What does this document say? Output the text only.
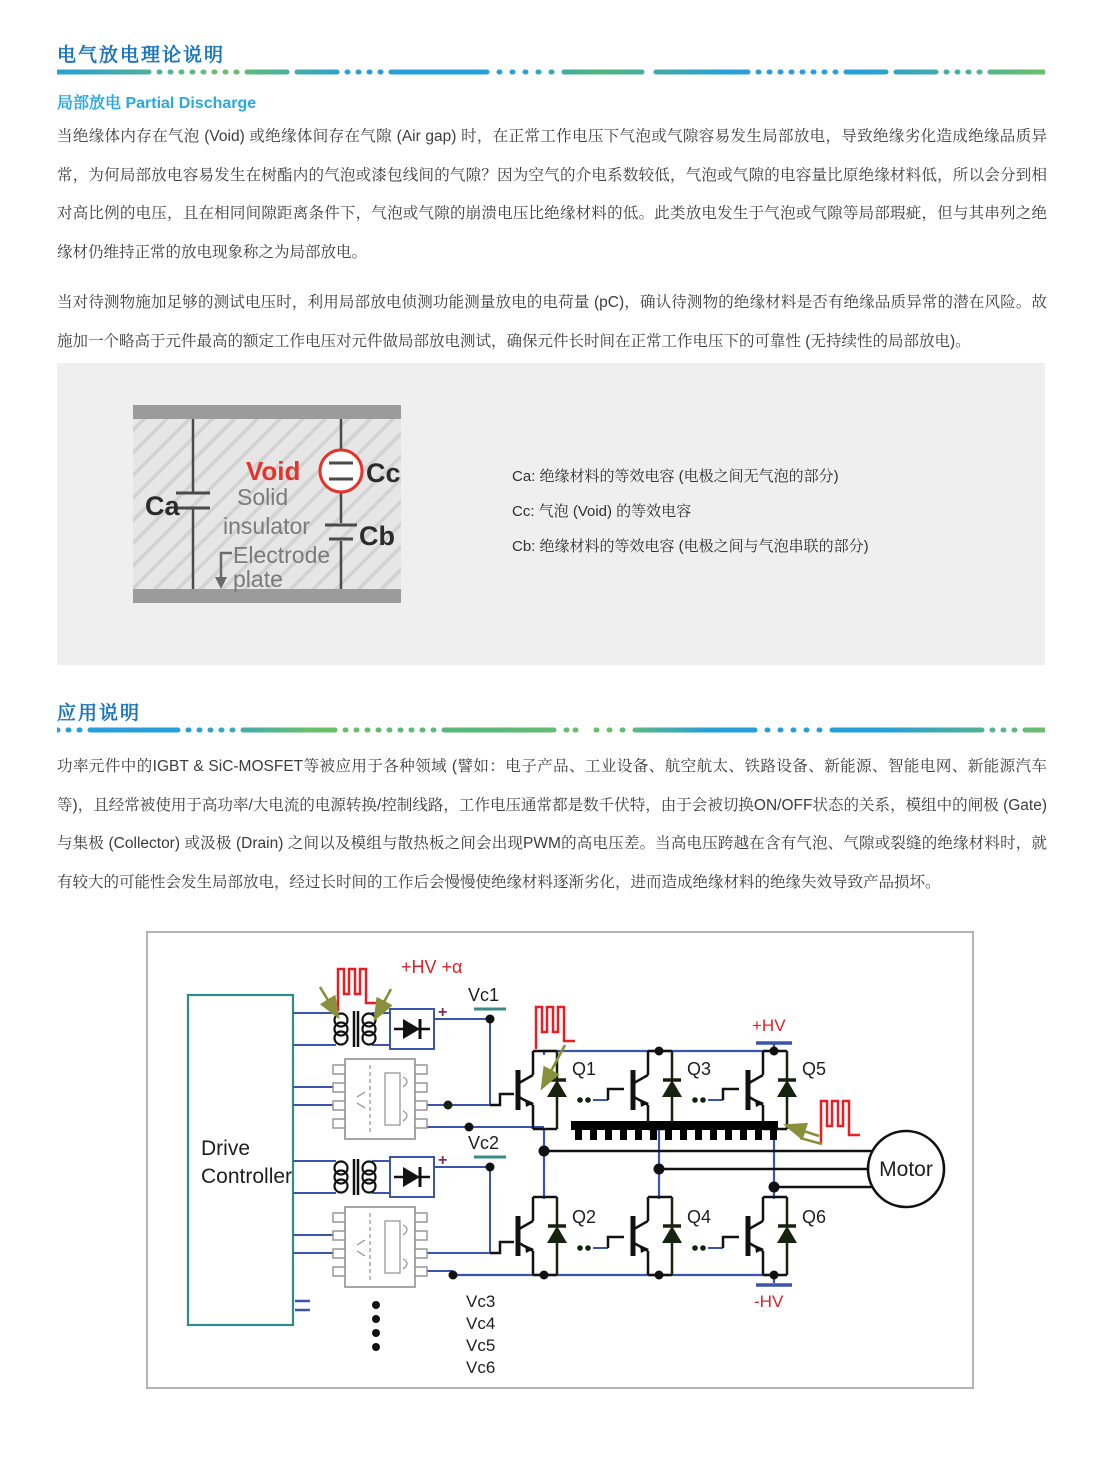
电气放电理论说明
局部放电 Partial Discharge
当绝缘体内存在气泡 (Void) 或绝缘体间存在气隙 (Air gap) 时，在正常工作电压下气泡或气隙容易发生局部放电，导致绝缘劣化造成绝缘品质异常，为何局部放电容易发生在树酯内的气泡或漆包线间的气隙？因为空气的介电系数较低，气泡或气隙的电容量比原绝缘材料低，所以会分到相对高比例的电压，且在相同间隙距离条件下，气泡或气隙的崩溃电压比绝缘材料的低。此类放电发生于气泡或气隙等局部瑕疵，但与其串列之绝缘材仍维持正常的放电现象称之为局部放电。
当对待测物施加足够的测试电压时，利用局部放电侦测功能测量放电的电荷量 (pC)，确认待测物的绝缘材料是否有绝缘品质异常的潜在风险。故施加一个略高于元件最高的额定工作电压对元件做局部放电测试，确保元件长时间在正常工作电压下的可靠性 (无持续性的局部放电)。
Ca
Void Cc
Cb
Solid
insulator
Electrode
plate
Ca: 绝缘材料的等效电容 (电极之间无气泡的部分)
Cc: 气泡 (Void) 的等效电容
Cb: 绝缘材料的等效电容 (电极之间与气泡串联的部分)
应用说明
功率元件中的IGBT & SiC-MOSFET等被应用于各种领域 (譬如：电子产品、工业设备、航空航太、铁路设备、新能源、智能电网、新能源汽车等)，且经常被使用于高功率/大电流的电源转换/控制线路，工作电压通常都是数千伏特，由于会被切换ON/OFF状态的关系，模组中的闸极 (Gate) 与集极 (Collector) 或汲极 (Drain) 之间以及模组与散热板之间会出现PWM的高电压差。当高电压跨越在含有气泡、气隙或裂缝的绝缘材料时，就有较大的可能性会发生局部放电，经过长时间的工作后会慢慢使绝缘材料逐渐劣化，进而造成绝缘材料的绝缘失效导致产品损坏。
Drive
Controller
+
Vc1
+
Vc2
Motor
+HV +α
+HV
-HV
Q1	Q3	Q5
Q2	Q4	Q6
Vc3
Vc4
Vc5
Vc6
